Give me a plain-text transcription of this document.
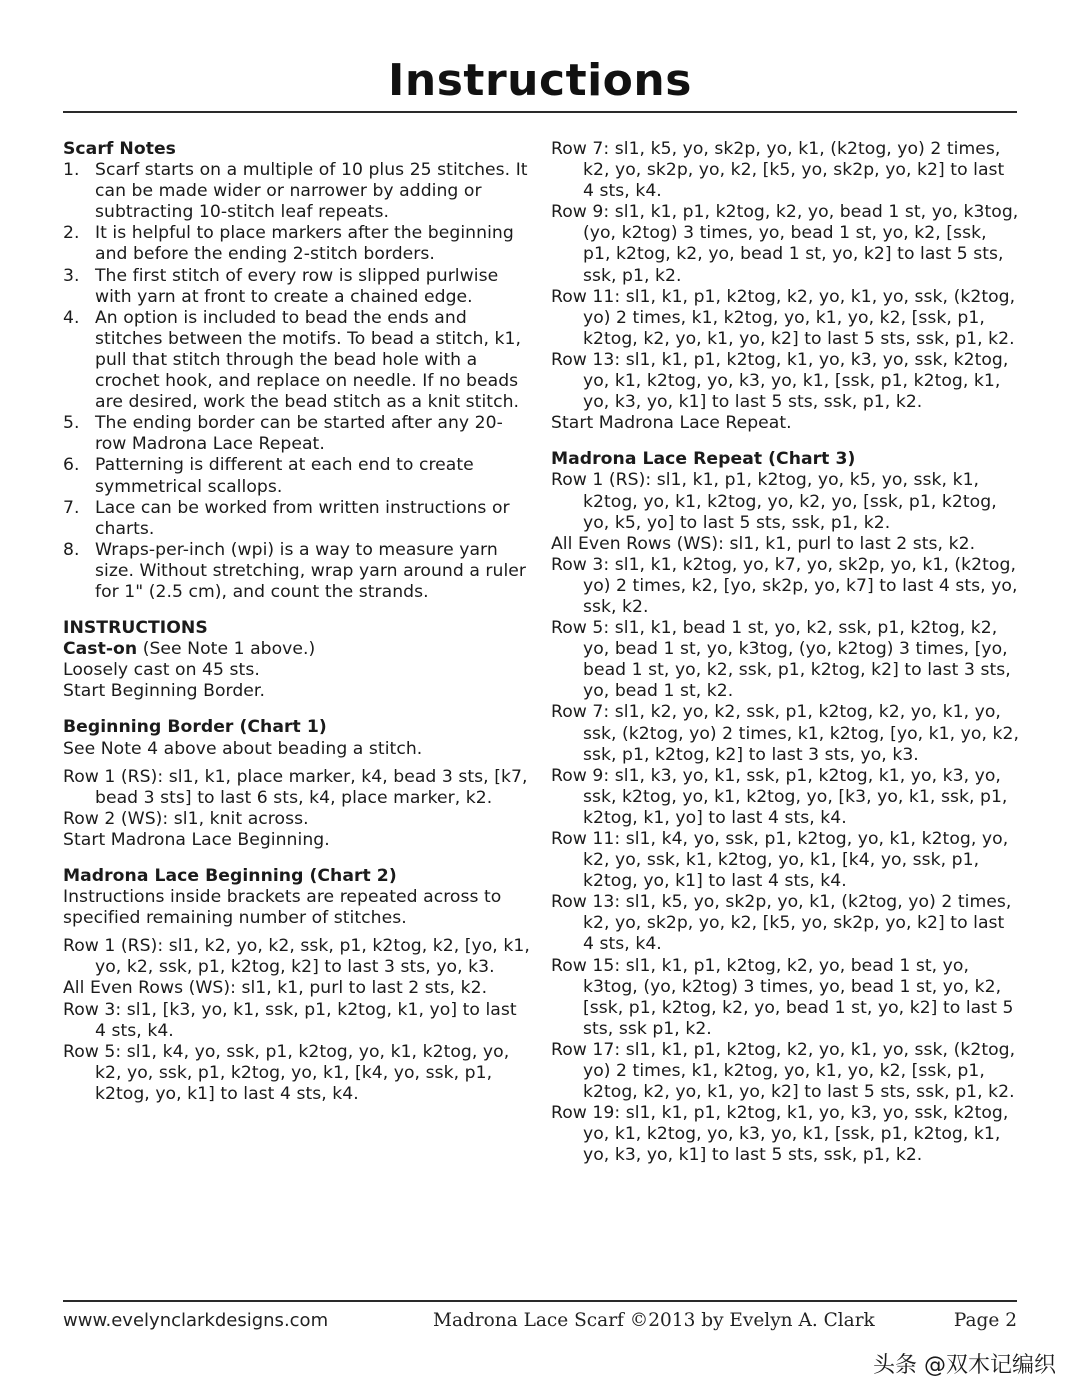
Instructions

Scarf Notes

1. Scarf starts on a multiple of 10 plus 25 stitches. It can be made wider or narrower by adding or subtracting 10-stitch leaf repeats.

2. It is helpful to place markers after the beginning and before the ending 2-stitch borders.

3. The first stitch of every row is slipped purlwise with yarn at front to create a chained edge.

4. An option is included to bead the ends and stitches between the motifs. To bead a stitch, k1, pull that stitch through the bead hole with a crochet hook, and replace on needle. If no beads are desired, work the bead stitch as a knit stitch.

5. The ending border can be started after any 20-row Madrona Lace Repeat.

6. Patterning is different at each end to create symmetrical scallops.

7. Lace can be worked from written instructions or charts.

8. Wraps-per-inch (wpi) is a way to measure yarn size. Without stretching, wrap yarn around a ruler for 1" (2.5 cm), and count the strands.

INSTRUCTIONS

Cast-on (See Note 1 above.)

Loosely cast on 45 sts.

Start Beginning Border.

Beginning Border (Chart 1)

See Note 4 above about beading a stitch.

Row 1 (RS): sl1, k1, place marker, k4, bead 3 sts, [k7, bead 3 sts] to last 6 sts, k4, place marker, k2.

Row 2 (WS): sl1, knit across.

Start Madrona Lace Beginning.

Madrona Lace Beginning (Chart 2)

Instructions inside brackets are repeated across to specified remaining number of stitches.

Row 1 (RS): sl1, k2, yo, k2, ssk, p1, k2tog, k2, [yo, k1, yo, k2, ssk, p1, k2tog, k2] to last 3 sts, yo, k3.

All Even Rows (WS): sl1, k1, purl to last 2 sts, k2.

Row 3: sl1, [k3, yo, k1, ssk, p1, k2tog, k1, yo] to last 4 sts, k4.

Row 5: sl1, k4, yo, ssk, p1, k2tog, yo, k1, k2tog, yo, k2, yo, ssk, p1, k2tog, yo, k1, [k4, yo, ssk, p1, k2tog, yo, k1] to last 4 sts, k4.

Row 7: sl1, k5, yo, sk2p, yo, k1, (k2tog, yo) 2 times, k2, yo, sk2p, yo, k2, [k5, yo, sk2p, yo, k2] to last 4 sts, k4.

Row 9: sl1, k1, p1, k2tog, k2, yo, bead 1 st, yo, k3tog, (yo, k2tog) 3 times, yo, bead 1 st, yo, k2, [ssk, p1, k2tog, k2, yo, bead 1 st, yo, k2] to last 5 sts, ssk, p1, k2.

Row 11: sl1, k1, p1, k2tog, k2, yo, k1, yo, ssk, (k2tog, yo) 2 times, k1, k2tog, yo, k1, yo, k2, [ssk, p1, k2tog, k2, yo, k1, yo, k2] to last 5 sts, ssk, p1, k2.

Row 13: sl1, k1, p1, k2tog, k1, yo, k3, yo, ssk, k2tog, yo, k1, k2tog, yo, k3, yo, k1, [ssk, p1, k2tog, k1, yo, k3, yo, k1] to last 5 sts, ssk, p1, k2.

Start Madrona Lace Repeat.

Madrona Lace Repeat (Chart 3)

Row 1 (RS): sl1, k1, p1, k2tog, yo, k5, yo, ssk, k1, k2tog, yo, k1, k2tog, yo, k2, yo, [ssk, p1, k2tog, yo, k5, yo] to last 5 sts, ssk, p1, k2.

All Even Rows (WS): sl1, k1, purl to last 2 sts, k2.

Row 3: sl1, k1, k2tog, yo, k7, yo, sk2p, yo, k1, (k2tog, yo) 2 times, k2, [yo, sk2p, yo, k7] to last 4 sts, yo, ssk, k2.

Row 5: sl1, k1, bead 1 st, yo, k2, ssk, p1, k2tog, k2, yo, bead 1 st, yo, k3tog, (yo, k2tog) 3 times, [yo, bead 1 st, yo, k2, ssk, p1, k2tog, k2] to last 3 sts, yo, bead 1 st, k2.

Row 7: sl1, k2, yo, k2, ssk, p1, k2tog, k2, yo, k1, yo, ssk, (k2tog, yo) 2 times, k1, k2tog, [yo, k1, yo, k2, ssk, p1, k2tog, k2] to last 3 sts, yo, k3.

Row 9: sl1, k3, yo, k1, ssk, p1, k2tog, k1, yo, k3, yo, ssk, k2tog, yo, k1, k2tog, yo, [k3, yo, k1, ssk, p1, k2tog, k1, yo] to last 4 sts, k4.

Row 11: sl1, k4, yo, ssk, p1, k2tog, yo, k1, k2tog, yo, k2, yo, ssk, k1, k2tog, yo, k1, [k4, yo, ssk, p1, k2tog, yo, k1] to last 4 sts, k4.

Row 13: sl1, k5, yo, sk2p, yo, k1, (k2tog, yo) 2 times, k2, yo, sk2p, yo, k2, [k5, yo, sk2p, yo, k2] to last 4 sts, k4.

Row 15: sl1, k1, p1, k2tog, k2, yo, bead 1 st, yo, k3tog, (yo, k2tog) 3 times, yo, bead 1 st, yo, k2, [ssk, p1, k2tog, k2, yo, bead 1 st, yo, k2] to last 5 sts, ssk p1, k2.

Row 17: sl1, k1, p1, k2tog, k2, yo, k1, yo, ssk, (k2tog, yo) 2 times, k1, k2tog, yo, k1, yo, k2, [ssk, p1, k2tog, k2, yo, k1, yo, k2] to last 5 sts, ssk, p1, k2.

Row 19: sl1, k1, p1, k2tog, k1, yo, k3, yo, ssk, k2tog, yo, k1, k2tog, yo, k3, yo, k1, [ssk, p1, k2tog, k1, yo, k3, yo, k1] to last 5 sts, ssk, p1, k2.

www.evelynclarkdesigns.com	Madrona Lace Scarf ©2013 by Evelyn A. Clark	Page 2
头条 @双木记编织
